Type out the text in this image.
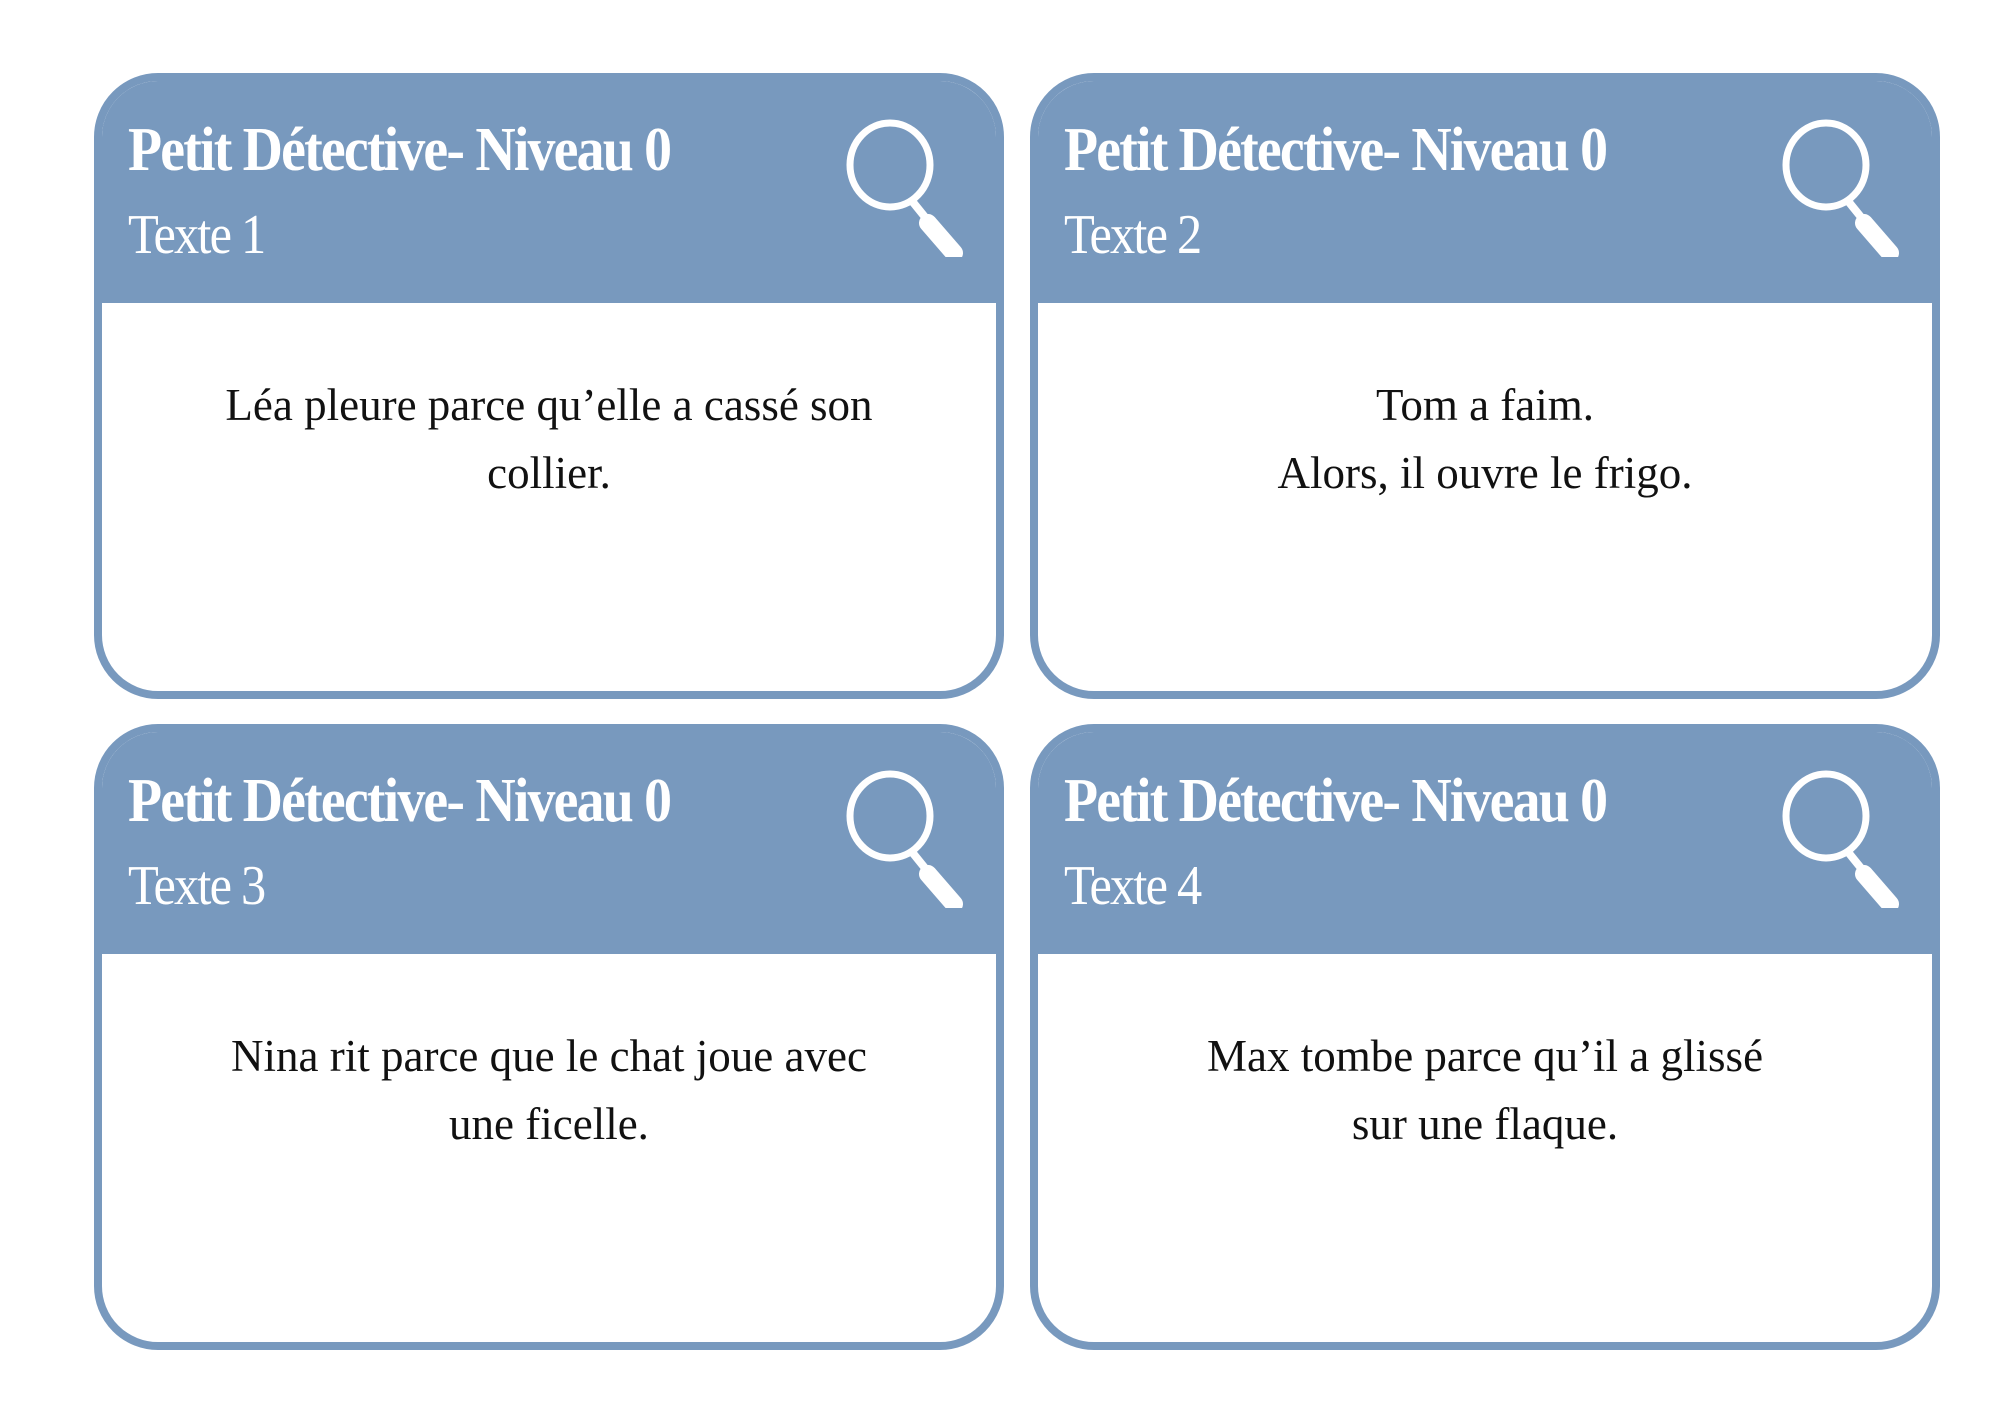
Petit Détective- Niveau 0
Texte 1
Léa pleure parce qu’elle a cassé son
collier.
Petit Détective- Niveau 0
Texte 2
Tom a faim.
Alors, il ouvre le frigo.
Petit Détective- Niveau 0
Texte 3
Nina rit parce que le chat joue avec
une ficelle.
Petit Détective- Niveau 0
Texte 4
Max tombe parce qu’il a glissé
sur une flaque.
